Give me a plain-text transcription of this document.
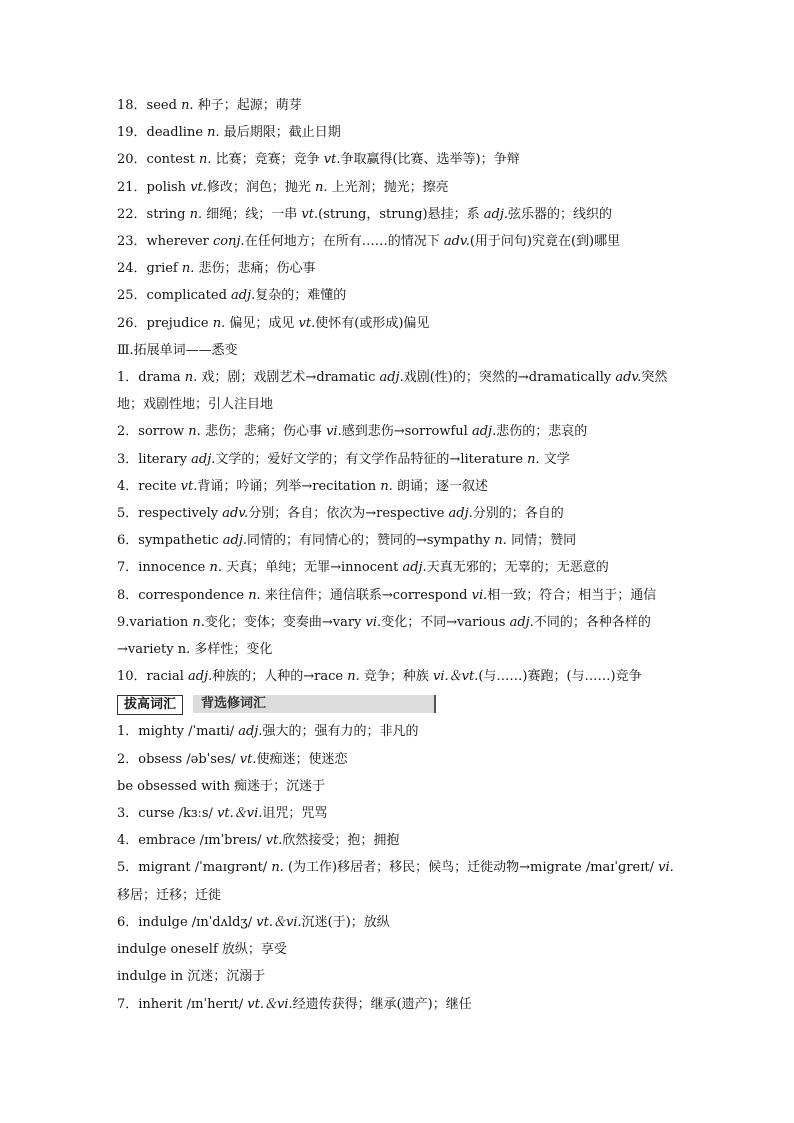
18．seed n. 种子；起源；萌芽

19．deadline n. 最后期限；截止日期

20．contest n. 比赛；竞赛；竞争 vt.争取赢得(比赛、选举等)；争辩

21．polish vt.修改；润色；抛光 n. 上光剂；抛光；擦亮

22．string n. 细绳；线；一串 vt.(strung，strung)悬挂；系 adj.弦乐器的；线织的

23．wherever conj.在任何地方；在所有……的情况下 adv.(用于问句)究竟在(到)哪里

24．grief n. 悲伤；悲痛；伤心事

25．complicated adj.复杂的；难懂的

26．prejudice n. 偏见；成见 vt.使怀有(或形成)偏见

Ⅲ.拓展单词——悉变

1．drama n. 戏；剧；戏剧艺术→dramatic adj.戏剧(性)的；突然的→dramatically adv.突然地；戏剧性地；引人注目地

2．sorrow n. 悲伤；悲痛；伤心事 vi.感到悲伤→sorrowful adj.悲伤的；悲哀的

3．literary adj.文学的；爱好文学的；有文学作品特征的→literature n. 文学

4．recite vt.背诵；吟诵；列举→recitation n. 朗诵；逐一叙述

5．respectively adv.分别；各自；依次为→respective adj.分别的；各自的

6．sympathetic adj.同情的；有同情心的；赞同的→sympathy n. 同情；赞同

7．innocence n. 天真；单纯；无罪→innocent adj.天真无邪的；无辜的；无恶意的

8．correspondence n. 来往信件；通信联系→correspond vi.相一致；符合；相当于；通信

9.variation n.变化；变体；变奏曲→vary vi.变化；不同→various adj.不同的；各种各样的→variety n. 多样性；变化

10．racial adj.种族的；人种的→race n. 竞争；种族 vi.＆vt.(与……)赛跑；(与……)竞争

拔高词汇	背选修词汇

1．mighty /ˈmaɪti/ adj.强大的；强有力的；非凡的

2．obsess /əbˈses/ vt.使痴迷；使迷恋

be obsessed with 痴迷于；沉迷于

3．curse /kɜːs/ vt.＆vi.诅咒；咒骂

4．embrace /ɪmˈbreɪs/ vt.欣然接受；抱；拥抱

5．migrant /ˈmaɪɡrənt/ n. (为工作)移居者；移民；候鸟；迁徙动物→migrate /maɪˈɡreɪt/ vi.移居；迁移；迁徙

6．indulge /ɪnˈdʌldʒ/ vt.＆vi.沉迷(于)；放纵

indulge oneself 放纵；享受

indulge in 沉迷；沉溺于

7．inherit /ɪnˈherɪt/ vt.＆vi.经遗传获得；继承(遗产)；继任
